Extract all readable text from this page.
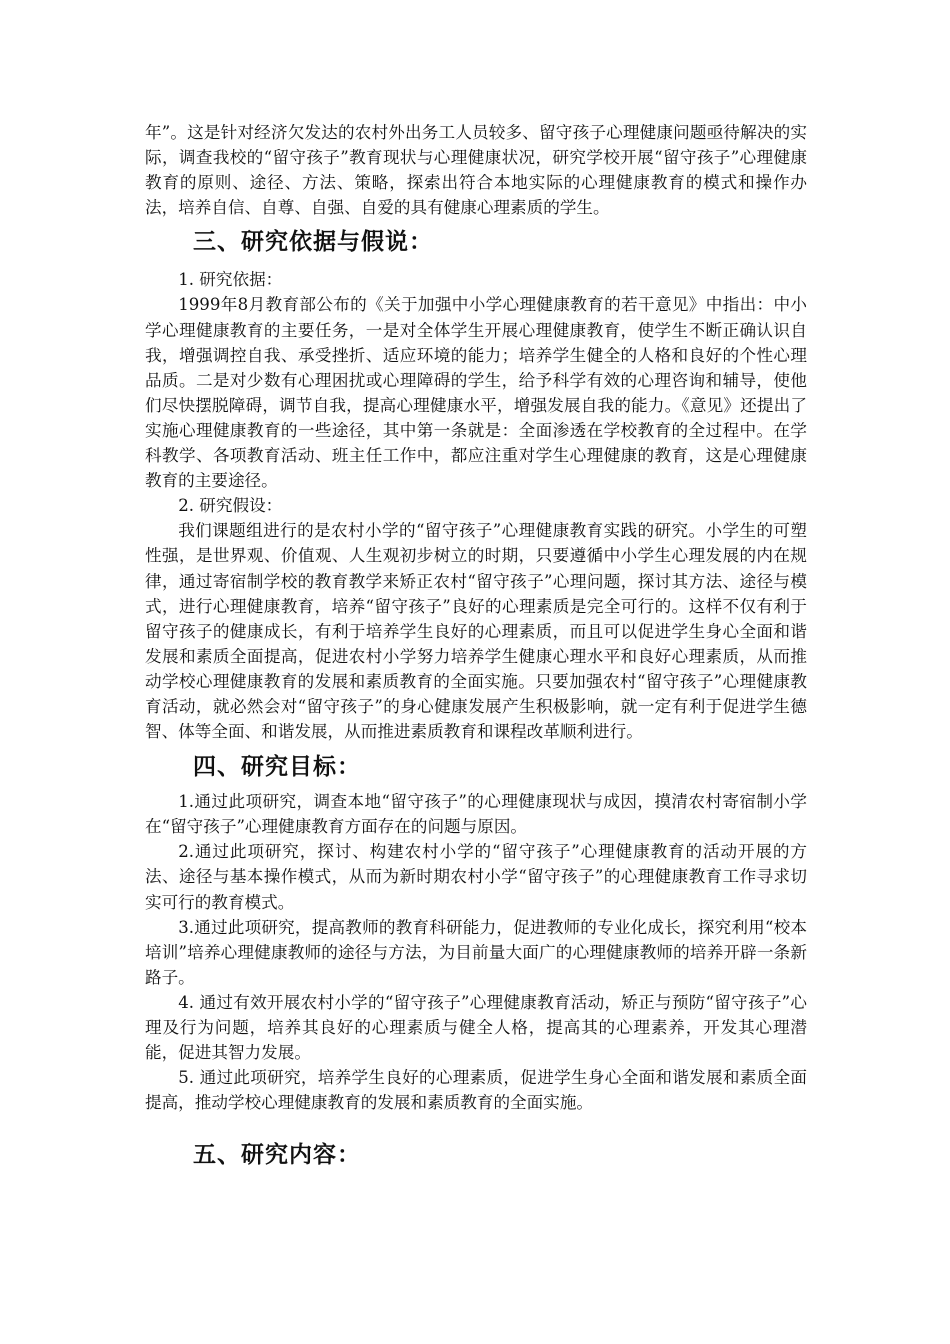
年”。这是针对经济欠发达的农村外出务工人员较多、留守孩子心理健康问题亟待解决的实际，调查我校的“留守孩子”教育现状与心理健康状况，研究学校开展“留守孩子”心理健康教育的原则、途径、方法、策略，探索出符合本地实际的心理健康教育的模式和操作办法，培养自信、自尊、自强、自爱的具有健康心理素质的学生。

三、研究依据与假说：

1. 研究依据：

1999年8月教育部公布的《关于加强中小学心理健康教育的若干意见》中指出：中小学心理健康教育的主要任务，一是对全体学生开展心理健康教育，使学生不断正确认识自我，增强调控自我、承受挫折、适应环境的能力；培养学生健全的人格和良好的个性心理品质。二是对少数有心理困扰或心理障碍的学生，给予科学有效的心理咨询和辅导，使他们尽快摆脱障碍，调节自我，提高心理健康水平，增强发展自我的能力。《意见》还提出了实施心理健康教育的一些途径，其中第一条就是：全面渗透在学校教育的全过程中。在学科教学、各项教育活动、班主任工作中，都应注重对学生心理健康的教育，这是心理健康教育的主要途径。

2. 研究假设：

我们课题组进行的是农村小学的“留守孩子”心理健康教育实践的研究。小学生的可塑性强，是世界观、价值观、人生观初步树立的时期，只要遵循中小学生心理发展的内在规律，通过寄宿制学校的教育教学来矫正农村“留守孩子”心理问题，探讨其方法、途径与模式，进行心理健康教育，培养“留守孩子”良好的心理素质是完全可行的。这样不仅有利于留守孩子的健康成长，有利于培养学生良好的心理素质，而且可以促进学生身心全面和谐发展和素质全面提高，促进农村小学努力培养学生健康心理水平和良好心理素质，从而推动学校心理健康教育的发展和素质教育的全面实施。只要加强农村“留守孩子”心理健康教育活动，就必然会对“留守孩子”的身心健康发展产生积极影响，就一定有利于促进学生德智、体等全面、和谐发展，从而推进素质教育和课程改革顺利进行。

四、研究目标：

1.通过此项研究，调查本地“留守孩子”的心理健康现状与成因，摸清农村寄宿制小学在“留守孩子”心理健康教育方面存在的问题与原因。

2.通过此项研究，探讨、构建农村小学的“留守孩子”心理健康教育的活动开展的方法、途径与基本操作模式，从而为新时期农村小学“留守孩子”的心理健康教育工作寻求切实可行的教育模式。

3.通过此项研究，提高教师的教育科研能力，促进教师的专业化成长，探究利用“校本培训”培养心理健康教师的途径与方法，为目前量大面广的心理健康教师的培养开辟一条新路子。

4. 通过有效开展农村小学的“留守孩子”心理健康教育活动，矫正与预防“留守孩子”心理及行为问题，培养其良好的心理素质与健全人格，提高其的心理素养，开发其心理潜能，促进其智力发展。

5. 通过此项研究，培养学生良好的心理素质，促进学生身心全面和谐发展和素质全面提高，推动学校心理健康教育的发展和素质教育的全面实施。

五、研究内容：
